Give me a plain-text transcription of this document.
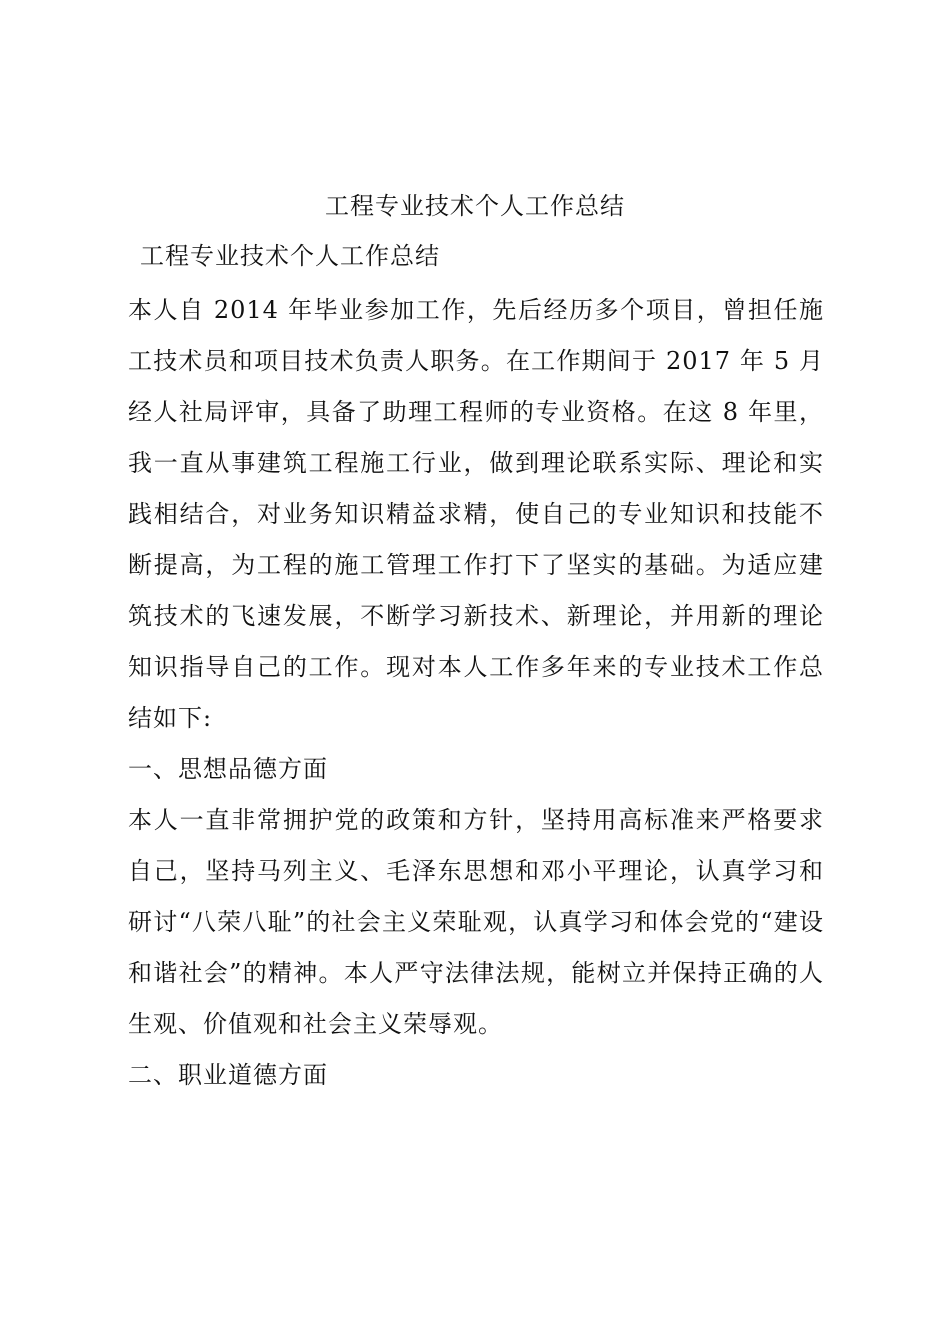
工程专业技术个人工作总结
工程专业技术个人工作总结

本人自 2014 年毕业参加工作，先后经历多个项目，曾担任施工技术员和项目技术负责人职务。在工作期间于 2017 年 5 月经人社局评审，具备了助理工程师的专业资格。在这 8 年里，我一直从事建筑工程施工行业，做到理论联系实际、理论和实践相结合，对业务知识精益求精，使自己的专业知识和技能不断提高，为工程的施工管理工作打下了坚实的基础。为适应建筑技术的飞速发展，不断学习新技术、新理论，并用新的理论知识指导自己的工作。现对本人工作多年来的专业技术工作总结如下:

一、思想品德方面

本人一直非常拥护党的政策和方针，坚持用高标准来严格要求自己，坚持马列主义、毛泽东思想和邓小平理论，认真学习和研讨“八荣八耻”的社会主义荣耻观，认真学习和体会党的“建设和谐社会”的精神。本人严守法律法规，能树立并保持正确的人生观、价值观和社会主义荣辱观。

二、职业道德方面
